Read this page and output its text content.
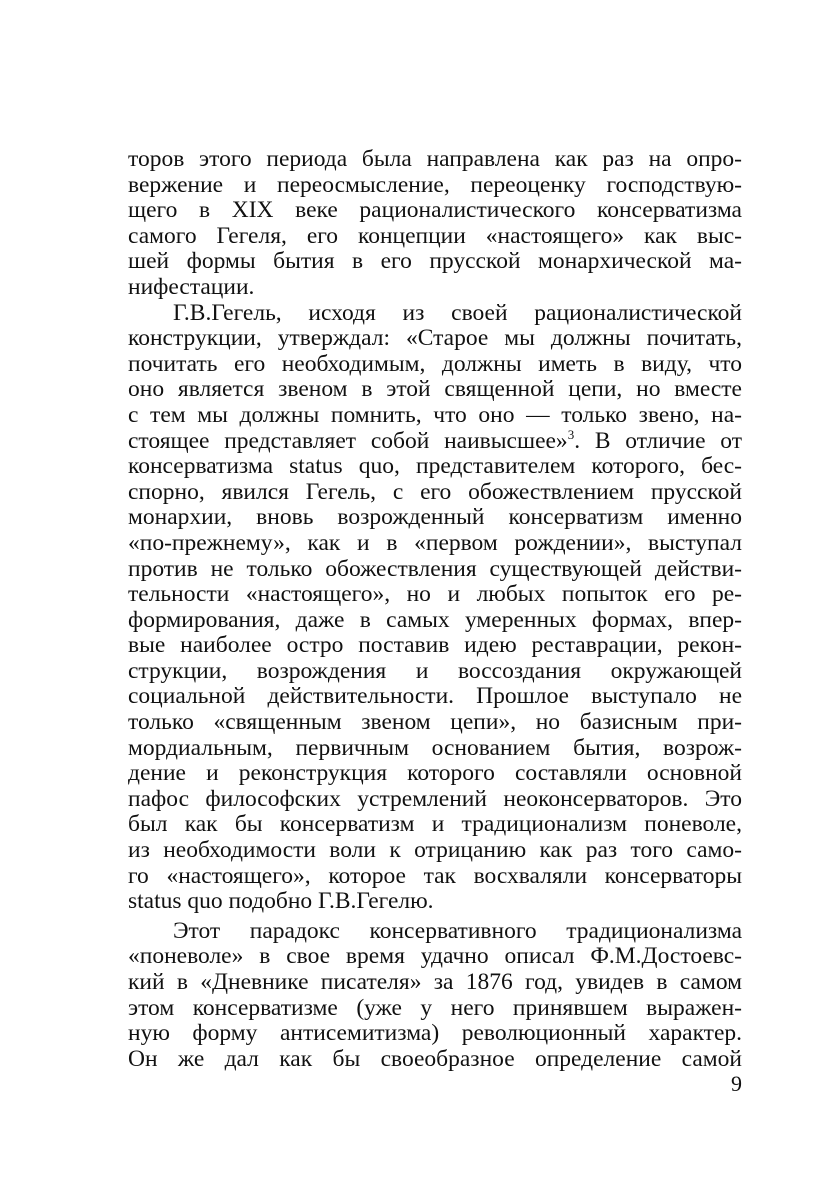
торов этого периода была направлена как раз на опро-
вержение и переосмысление, переоценку господствую-
щего в XIX веке рационалистического консерватизма
самого Гегеля, его концепции «настоящего» как выс-
шей формы бытия в его прусской монархической ма-
нифестации.
Г.В.Гегель, исходя из своей рационалистической
конструкции, утверждал: «Старое мы должны почитать,
почитать его необходимым, должны иметь в виду, что
оно является звеном в этой священной цепи, но вместе
с тем мы должны помнить, что оно — только звено, на-
стоящее представляет собой наивысшее»$^3$. В отличие от
консерватизма status quo, представителем которого, бес-
спорно, явился Гегель, с его обожествлением прусской
монархии, вновь возрожденный консерватизм именно
«по-прежнему», как и в «первом рождении», выступал
против не только обожествления существующей действи-
тельности «настоящего», но и любых попыток его ре-
формирования, даже в самых умеренных формах, впер-
вые наиболее остро поставив идею реставрации, рекон-
струкции, возрождения и воссоздания окружающей
социальной действительности. Прошлое выступало не
только «священным звеном цепи», но базисным при-
мордиальным, первичным основанием бытия, возрож-
дение и реконструкция которого составляли основной
пафос философских устремлений неоконсерваторов. Это
был как бы консерватизм и традиционализм поневоле,
из необходимости воли к отрицанию как раз того само-
го «настоящего», которое так восхваляли консерваторы
status quo подобно Г.В.Гегелю.
Этот парадокс консервативного традиционализма
«поневоле» в свое время удачно описал Ф.М.Достоевс-
кий в «Дневнике писателя» за 1876 год, увидев в самом
этом консерватизме (уже у него принявшем выражен-
ную форму антисемитизма) революционный характер.
Он же дал как бы своеобразное определение самой
9
